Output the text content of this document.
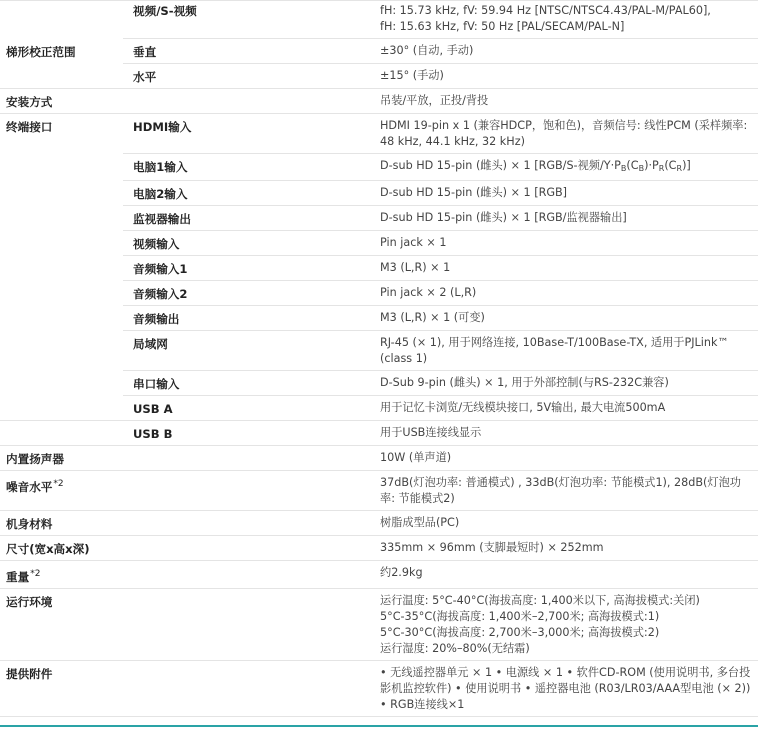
	视频/S-视频	fH: 15.73 kHz, fV: 59.94 Hz [NTSC/NTSC4.43/PAL-M/PAL60],
fH: 15.63 kHz, fV: 50 Hz [PAL/SECAM/PAL-N]
梯形校正范围	垂直	±30° (自动, 手动)
	水平	±15° (手动)
安装方式		吊装/平放，正投/背投
终端接口	HDMI输入	HDMI 19-pin x 1 (兼容HDCP，饱和色)，音频信号: 线性PCM (采样频率: 48 kHz, 44.1 kHz, 32 kHz)
	电脑1输入	D-sub HD 15-pin (雌头) × 1 [RGB/S-视频$/Y\cdot P_B(C_B)\cdot P_R(C_R)$]
	电脑2输入	D-sub HD 15-pin (雌头) × 1 [RGB]
	监视器输出	D-sub HD 15-pin (雌头) × 1 [RGB/监视器输出]
	视频输入	Pin jack × 1
	音频输入1	M3 (L,R) × 1
	音频输入2	Pin jack × 2 (L,R)
	音频输出	M3 (L,R) × 1 (可变)
	局域网	RJ-45 (× 1), 用于网络连接, 10Base-T/100Base-TX, 适用于PJLink™ (class 1)
	串口输入	D-Sub 9-pin (雌头) × 1, 用于外部控制(与RS-232C兼容)
	USB A	用于记忆卡浏览/无线模块接口, 5V输出, 最大电流500mA
	USB B	用于USB连接线显示
内置扬声器		10W (单声道)
噪音水平$^{*2}$		37dB(灯泡功率: 普通模式) , 33dB(灯泡功率: 节能模式1), 28dB(灯泡功率: 节能模式2)
机身材料		树脂成型品(PC)
尺寸(宽x高x深)		335mm × 96mm (支脚最短时) × 252mm
重量$^{*2}$		约2.9kg
运行环境		运行温度: 5°C-40°C(海拔高度: 1,400米以下, 高海拔模式:关闭)
5°C-35°C(海拔高度: 1,400米–2,700米; 高海拔模式:1)
5°C-30°C(海拔高度: 2,700米–3,000米; 高海拔模式:2)
运行湿度: 20%–80%(无结霜)
提供附件		• 无线遥控器单元 × 1 • 电源线 × 1 • 软件CD-ROM (使用说明书, 多台投影机监控软件) • 使用说明书 • 遥控器电池 (R03/LR03/AAA型电池 (× 2)) • RGB连接线×1
